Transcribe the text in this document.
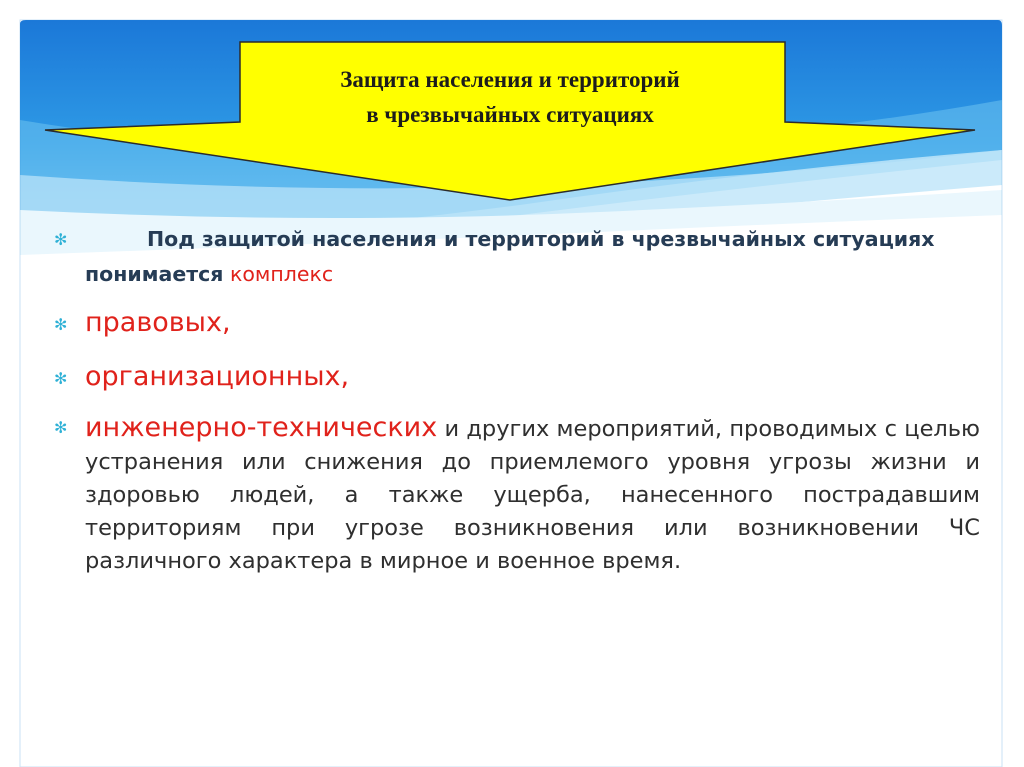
Защита населения и территорий
в чрезвычайных ситуациях
✻	Под защитой населения и территорий в чрезвычайных ситуациях понимается комплекс
✻ правовых,
✻ организационных,
✻ инженерно-технических и других мероприятий, проводимых с целью устранения или снижения до приемлемого уровня угрозы жизни и здоровью людей, а также ущерба, нанесенного пострадавшим территориям при угрозе возникновения или возникновении ЧС различного характера в мирное и военное время.
